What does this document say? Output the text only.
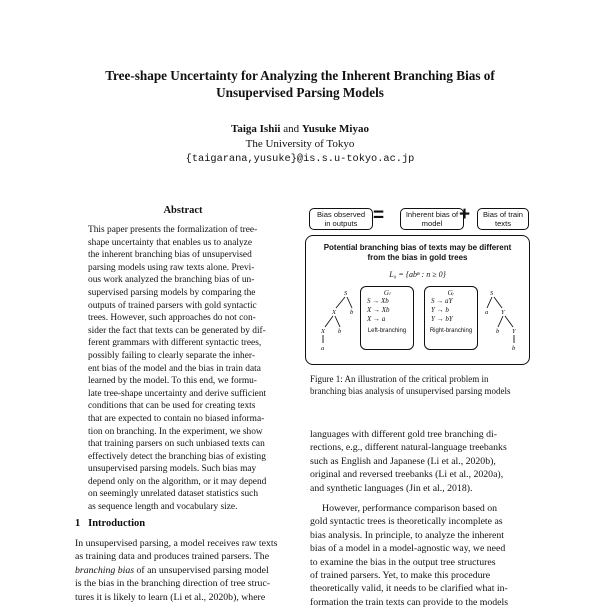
Tree-shape Uncertainty for Analyzing the Inherent Branching Bias of
Unsupervised Parsing Models
Taiga Ishii and Yusuke Miyao
The University of Tokyo
{taigarana,yusuke}@is.s.u-tokyo.ac.jp
Abstract

This paper presents the formalization of tree-

shape uncertainty that enables us to analyze

the inherent branching bias of unsupervised

parsing models using raw texts alone. Previ-

ous work analyzed the branching bias of un-

supervised parsing models by comparing the

outputs of trained parsers with gold syntactic

trees. However, such approaches do not con-

sider the fact that texts can be generated by dif-

ferent grammars with different syntactic trees,

possibly failing to clearly separate the inher-

ent bias of the model and the bias in train data

learned by the model. To this end, we formu-

late tree-shape uncertainty and derive sufficient

conditions that can be used for creating texts

that are expected to contain no biased informa-

tion on branching. In the experiment, we show

that training parsers on such unbiased texts can

effectively detect the branching bias of existing

unsupervised parsing models. Such bias may

depend only on the algorithm, or it may depend

on seemingly unrelated dataset statistics such

as sequence length and vocabulary size.

1 Introduction

In unsupervised parsing, a model receives raw texts

as training data and produces trained parsers. The

branching bias of an unsupervised parsing model

is the bias in the branching direction of tree struc-

tures it is likely to learn (Li et al., 2020b), where

Bias observed in outputs =	Inherent bias of model +	Bias of train texts
Potential branching bias of texts may be different
from the bias in gold trees
L₀ = {abⁿ : n ≥ 0}
Gₗ
S → Xb
X → Xb
X → a
Left-branching
Gᵣ
S → aY
Y → b
Y → bY
Right-branching
S
X b
X b
a
S
a Y
b Y
b
Figure 1: An illustration of the critical problem in
branching bias analysis of unsupervised parsing models

languages with different gold tree branching di-

rections, e.g., different natural-language treebanks

such as English and Japanese (Li et al., 2020b),

original and reversed treebanks (Li et al., 2020a),

and synthetic languages (Jin et al., 2018).

However, performance comparison based on

gold syntactic trees is theoretically incomplete as

bias analysis. In principle, to analyze the inherent

bias of a model in a model-agnostic way, we need

to examine the bias in the output tree structures

of trained parsers. Yet, to make this procedure

theoretically valid, it needs to be clarified what in-

formation the train texts can provide to the models
